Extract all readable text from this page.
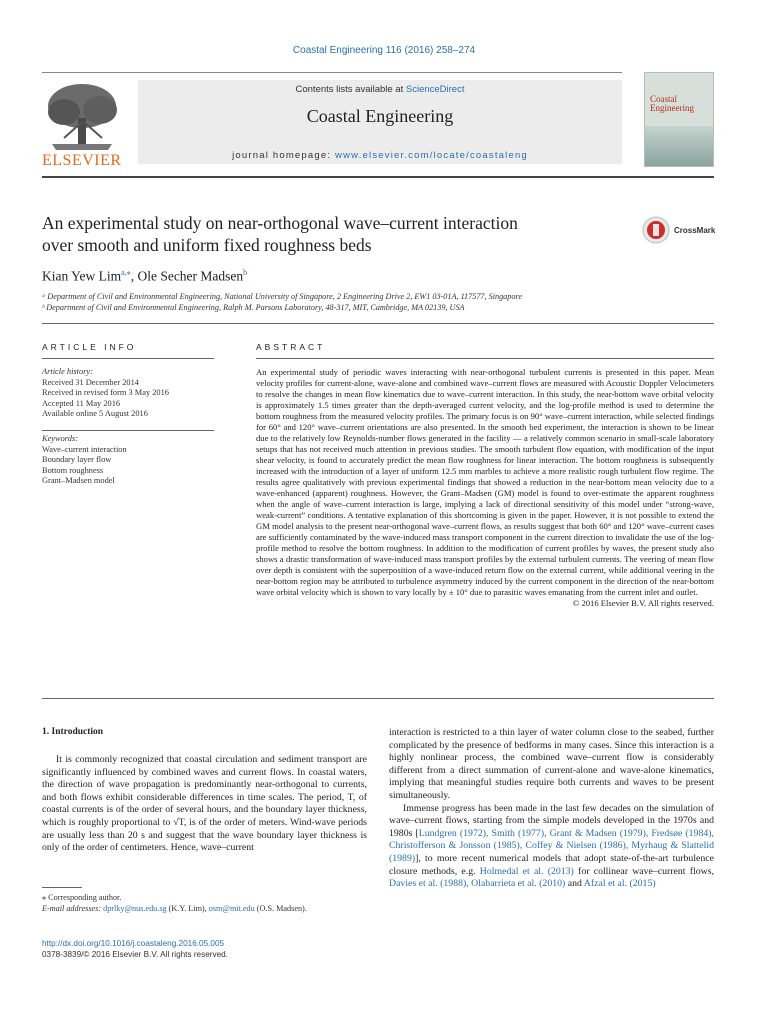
Coastal Engineering 116 (2016) 258–274
ELSEVIER
Contents lists available at ScienceDirect
Coastal Engineering
journal homepage: www.elsevier.com/locate/coastaleng
Coastal
Engineering
An experimental study on near-orthogonal wave–current interaction
over smooth and uniform fixed roughness beds
CrossMark
Kian Yew Lim$^{a,⁎}$, Ole Secher Madsen$^b$
ᵃ Department of Civil and Environmental Engineering, National University of Singapore, 2 Engineering Drive 2, EW1 03-01A, 117577, Singapore
ᵇ Department of Civil and Environmental Engineering, Ralph M. Parsons Laboratory, 48-317, MIT, Cambridge, MA 02139, USA
ARTICLE INFO	ABSTRACT
Article history:
Received 31 December 2014
Received in revised form 3 May 2016
Accepted 11 May 2016
Available online 5 August 2016
Keywords:
Wave–current interaction
Boundary layer flow
Bottom roughness
Grant–Madsen model
An experimental study of periodic waves interacting with near-orthogonal turbulent currents is presented in this paper. Mean velocity profiles for current-alone, wave-alone and combined wave–current flows are measured with Acoustic Doppler Velocimeters to resolve the changes in mean flow kinematics due to wave–current interaction. In this study, the near-bottom wave orbital velocity is approximately 1.5 times greater than the depth-averaged current velocity, and the log-profile method is used to determine the bottom roughness from the measured velocity profiles. The primary focus is on 90° wave–current interaction, while selected findings for 60° and 120° wave–current orientations are also presented. In the smooth bed experiment, the interaction is shown to be linear due to the relatively low Reynolds-number flows generated in the facility — a relatively common scenario in small-scale laboratory setups that has not received much attention in previous studies. The smooth turbulent flow equation, with modification of the input shear velocity, is found to accurately predict the mean flow roughness for linear interaction. The bottom roughness is subsequently increased with the introduction of a layer of uniform 12.5 mm marbles to achieve a more realistic rough turbulent flow regime. The results agree qualitatively with previous experimental findings that showed a reduction in the near-bottom mean velocity due to a wave-enhanced (apparent) roughness. However, the Grant–Madsen (GM) model is found to over-estimate the apparent roughness when the angle of wave–current interaction is large, implying a lack of directional sensitivity of this model under “strong-wave, weak-current” conditions. A tentative explanation of this shortcoming is given in the paper. However, it is not possible to extend the GM model analysis to the present near-orthogonal wave–current flows, as results suggest that both 60° and 120° wave–current cases are sufficiently contaminated by the wave-induced mass transport component in the current direction to invalidate the use of the log-profile method to resolve the bottom roughness. In addition to the modification of current profiles by waves, the present study also shows a drastic transformation of wave-induced mass transport profiles by the external turbulent currents. The veering of mean flow over depth is consistent with the superposition of a wave-induced return flow on the external current, while additional veering in the near-bottom region may be attributed to turbulence asymmetry induced by the current component in the direction of the near-bottom wave orbital velocity which is shown to vary locally by ± 10° due to parasitic waves emanating from the current inlet and outlet.
© 2016 Elsevier B.V. All rights reserved.
1. Introduction
It is commonly recognized that coastal circulation and sediment transport are significantly influenced by combined waves and current flows. In coastal waters, the direction of wave propagation is predominantly near-orthogonal to currents, and both flows exhibit considerable differences in time scales. The period, T, of coastal currents is of the order of several hours, and the boundary layer thickness, which is roughly proportional to √T, is of the order of meters. Wind-wave periods are usually less than 20 s and suggest that the wave boundary layer thickness is only of the order of centimeters. Hence, wave–current
interaction is restricted to a thin layer of water column close to the seabed, further complicated by the presence of bedforms in many cases. Since this interaction is a highly nonlinear process, the combined wave–current flow is considerably different from a direct summation of current-alone and wave-alone kinematics, implying that meaningful studies require both currents and waves to be present simultaneously.
Immense progress has been made in the last few decades on the simulation of wave–current flows, starting from the simple models developed in the 1970s and 1980s [Lundgren (1972), Smith (1977), Grant & Madsen (1979), Fredsøe (1984), Christofferson & Jonsson (1985), Coffey & Nielsen (1986), Myrhaug & Slattelid (1989)], to more recent numerical models that adopt state-of-the-art turbulence closure methods, e.g. Holmedal et al. (2013) for collinear wave–current flows, Davies et al. (1988), Olabarrieta et al. (2010) and Afzal et al. (2015)
⁎ Corresponding author.
E-mail addresses: dprlky@nus.edu.sg (K.Y. Lim), osm@mit.edu (O.S. Madsen).
http://dx.doi.org/10.1016/j.coastaleng.2016.05.005
0378-3839/© 2016 Elsevier B.V. All rights reserved.
